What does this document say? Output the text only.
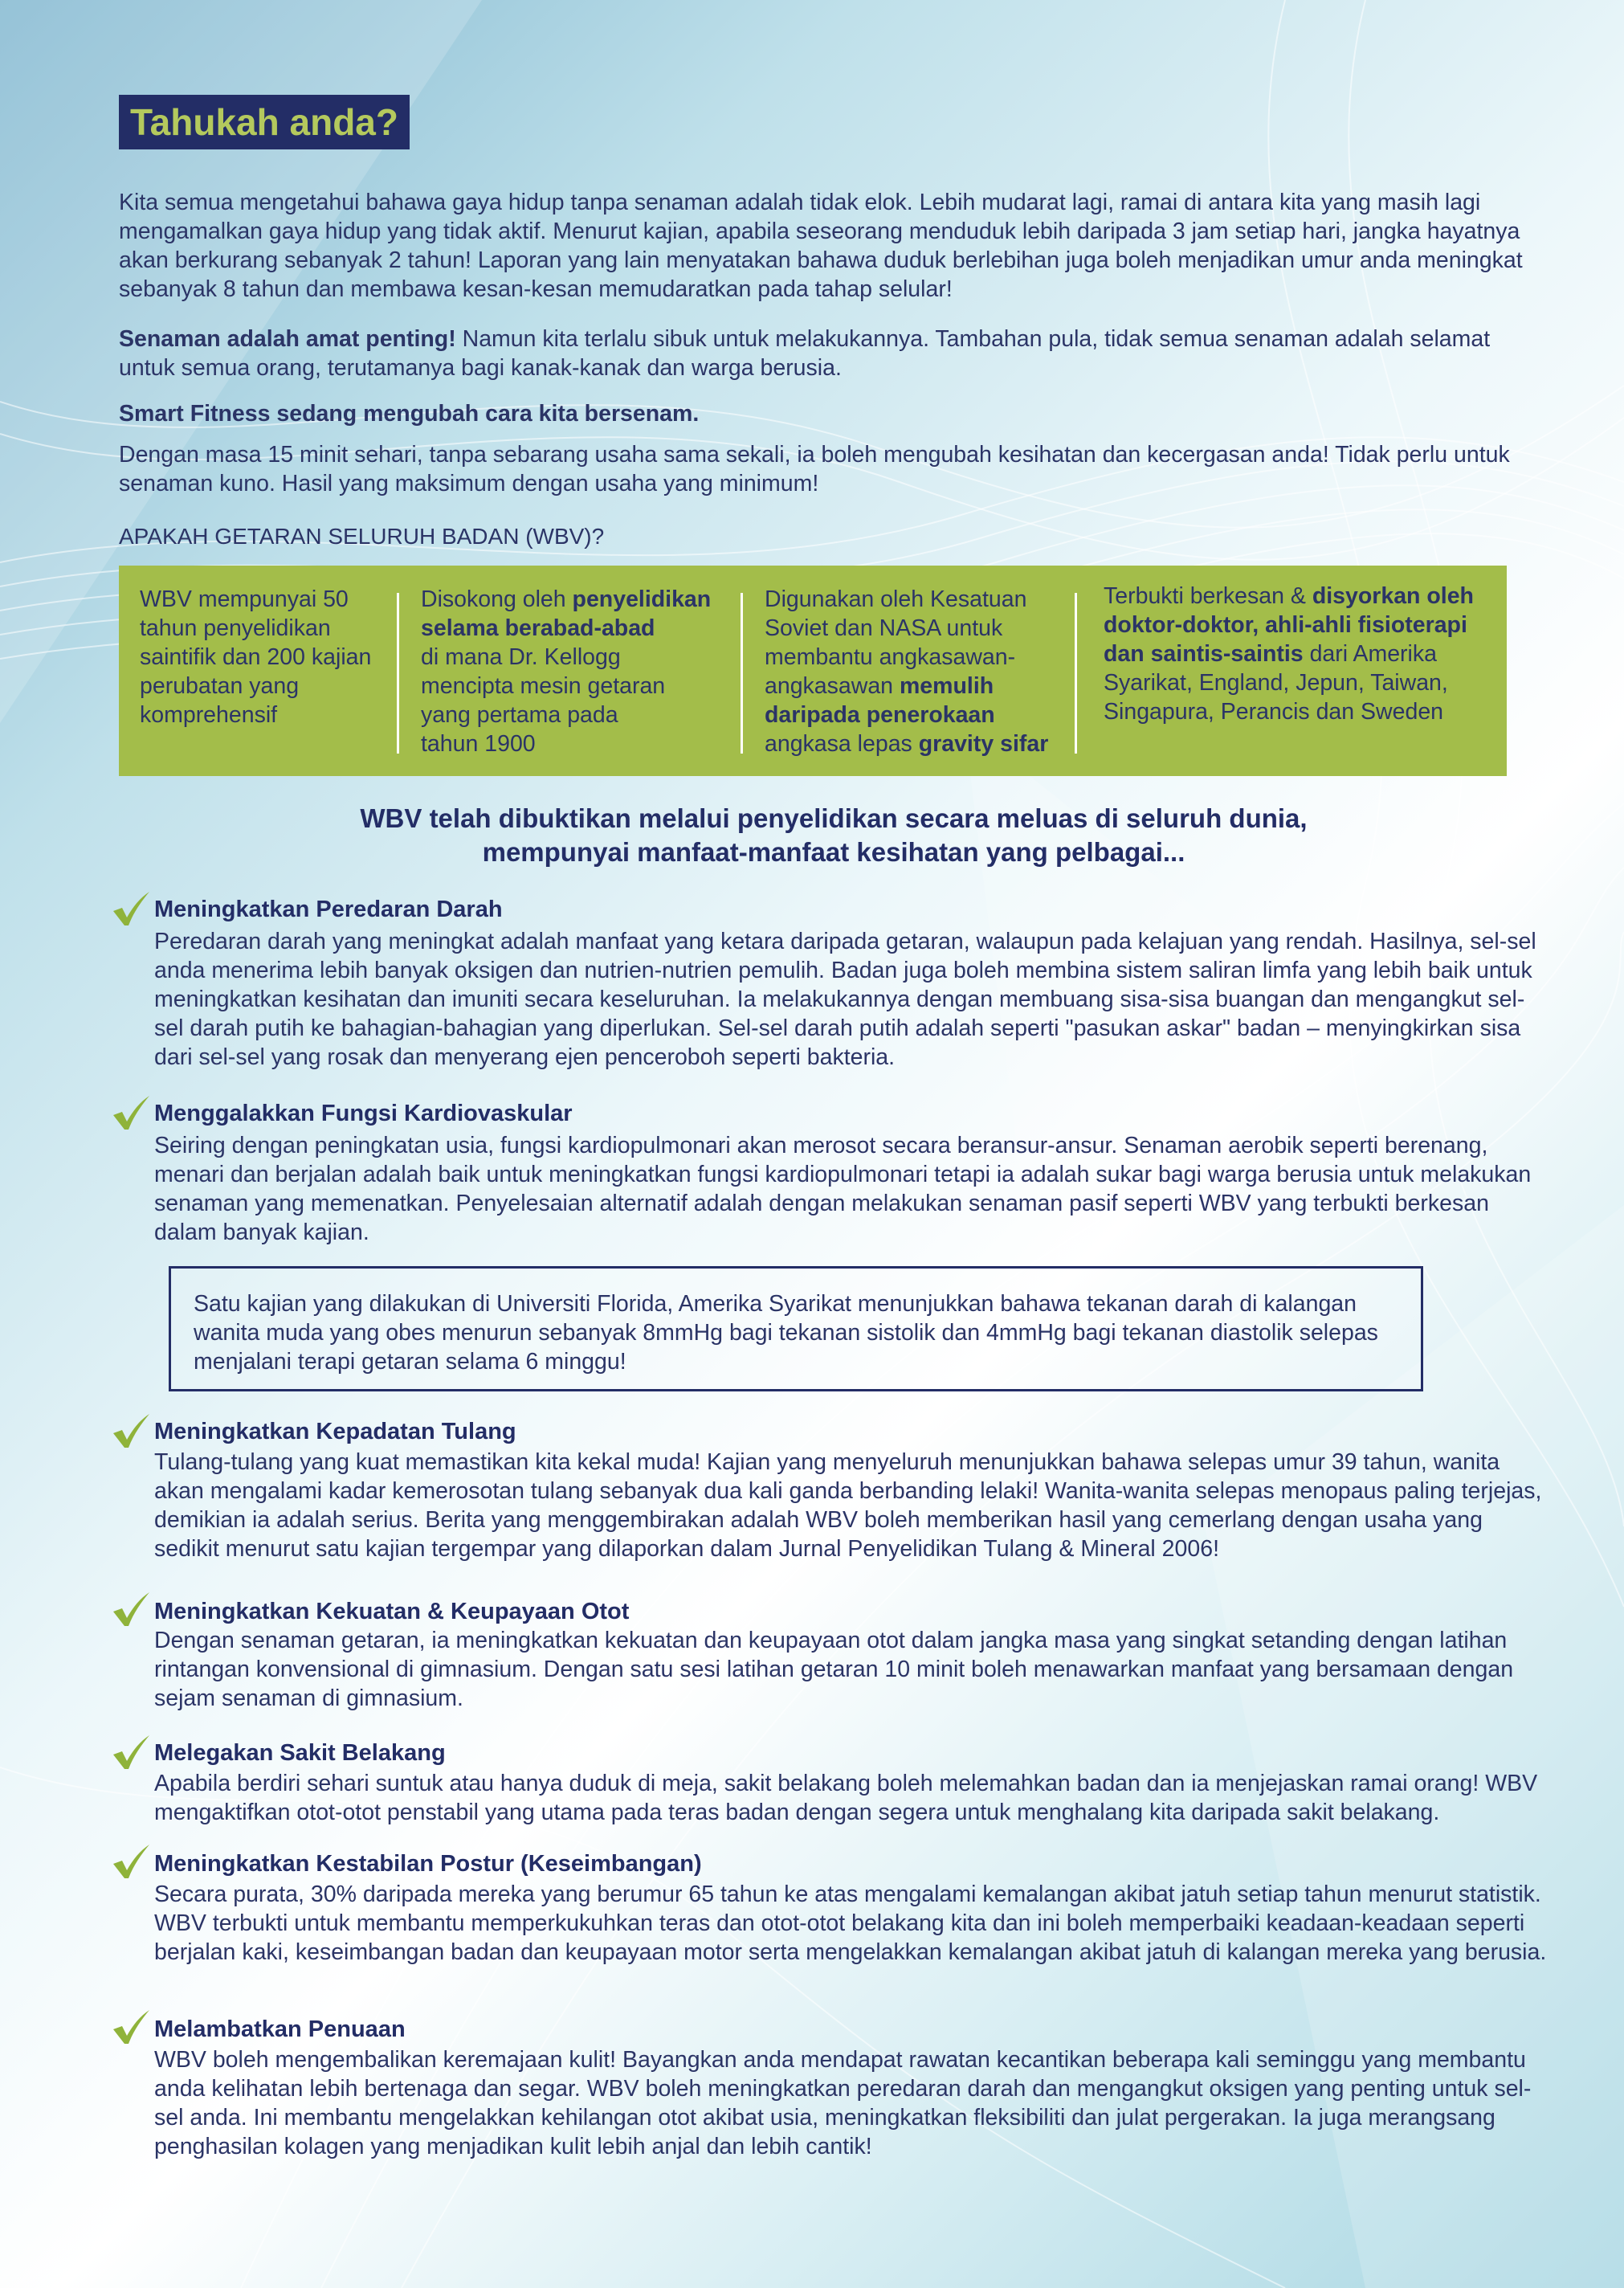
Tahukah anda?

Kita semua mengetahui bahawa gaya hidup tanpa senaman adalah tidak elok. Lebih mudarat lagi, ramai di antara kita yang masih lagi mengamalkan gaya hidup yang tidak aktif. Menurut kajian, apabila seseorang menduduk lebih daripada 3 jam setiap hari, jangka hayatnya akan berkurang sebanyak 2 tahun! Laporan yang lain menyatakan bahawa duduk berlebihan juga boleh menjadikan umur anda meningkat sebanyak 8 tahun dan membawa kesan-kesan memudaratkan pada tahap selular!

Senaman adalah amat penting! Namun kita terlalu sibuk untuk melakukannya. Tambahan pula, tidak semua senaman adalah selamat untuk semua orang, terutamanya bagi kanak-kanak dan warga berusia.

Smart Fitness sedang mengubah cara kita bersenam.

Dengan masa 15 minit sehari, tanpa sebarang usaha sama sekali, ia boleh mengubah kesihatan dan kecergasan anda! Tidak perlu untuk senaman kuno. Hasil yang maksimum dengan usaha yang minimum!

APAKAH GETARAN SELURUH BADAN (WBV)?

WBV mempunyai 50
tahun penyelidikan
saintifik dan 200 kajian
perubatan yang
komprehensif
Disokong oleh penyelidikan
selama berabad-abad
di mana Dr. Kellogg
mencipta mesin getaran
yang pertama pada
tahun 1900
Digunakan oleh Kesatuan
Soviet dan NASA untuk
membantu angkasawan-
angkasawan memulih
daripada penerokaan
angkasa lepas gravity sifar
Terbukti berkesan & disyorkan oleh
doktor-doktor, ahli-ahli fisioterapi
dan saintis-saintis dari Amerika
Syarikat, England, Jepun, Taiwan,
Singapura, Perancis dan Sweden
WBV telah dibuktikan melalui penyelidikan secara meluas di seluruh dunia,
mempunyai manfaat-manfaat kesihatan yang pelbagai...
Meningkatkan Peredaran Darah

Peredaran darah yang meningkat adalah manfaat yang ketara daripada getaran, walaupun pada kelajuan yang rendah. Hasilnya, sel-sel anda menerima lebih banyak oksigen dan nutrien-nutrien pemulih. Badan juga boleh membina sistem saliran limfa yang lebih baik untuk meningkatkan kesihatan dan imuniti secara keseluruhan. Ia melakukannya dengan membuang sisa-sisa buangan dan mengangkut sel-sel darah putih ke bahagian-bahagian yang diperlukan. Sel-sel darah putih adalah seperti "pasukan askar" badan – menyingkirkan sisa dari sel-sel yang rosak dan menyerang ejen penceroboh seperti bakteria.

Menggalakkan Fungsi Kardiovaskular

Seiring dengan peningkatan usia, fungsi kardiopulmonari akan merosot secara beransur-ansur. Senaman aerobik seperti berenang, menari dan berjalan adalah baik untuk meningkatkan fungsi kardiopulmonari tetapi ia adalah sukar bagi warga berusia untuk melakukan senaman yang memenatkan. Penyelesaian alternatif adalah dengan melakukan senaman pasif seperti WBV yang terbukti berkesan dalam banyak kajian.

Satu kajian yang dilakukan di Universiti Florida, Amerika Syarikat menunjukkan bahawa tekanan darah di kalangan wanita muda yang obes menurun sebanyak 8mmHg bagi tekanan sistolik dan 4mmHg bagi tekanan diastolik selepas menjalani terapi getaran selama 6 minggu!
Meningkatkan Kepadatan Tulang

Tulang-tulang yang kuat memastikan kita kekal muda! Kajian yang menyeluruh menunjukkan bahawa selepas umur 39 tahun, wanita akan mengalami kadar kemerosotan tulang sebanyak dua kali ganda berbanding lelaki! Wanita-wanita selepas menopaus paling terjejas, demikian ia adalah serius. Berita yang menggembirakan adalah WBV boleh memberikan hasil yang cemerlang dengan usaha yang sedikit menurut satu kajian tergempar yang dilaporkan dalam Jurnal Penyelidikan Tulang & Mineral 2006!

Meningkatkan Kekuatan & Keupayaan Otot

Dengan senaman getaran, ia meningkatkan kekuatan dan keupayaan otot dalam jangka masa yang singkat setanding dengan latihan rintangan konvensional di gimnasium. Dengan satu sesi latihan getaran 10 minit boleh menawarkan manfaat yang bersamaan dengan sejam senaman di gimnasium.

Melegakan Sakit Belakang

Apabila berdiri sehari suntuk atau hanya duduk di meja, sakit belakang boleh melemahkan badan dan ia menjejaskan ramai orang! WBV mengaktifkan otot-otot penstabil yang utama pada teras badan dengan segera untuk menghalang kita daripada sakit belakang.

Meningkatkan Kestabilan Postur (Keseimbangan)

Secara purata, 30% daripada mereka yang berumur 65 tahun ke atas mengalami kemalangan akibat jatuh setiap tahun menurut statistik. WBV terbukti untuk membantu memperkukuhkan teras dan otot-otot belakang kita dan ini boleh memperbaiki keadaan-keadaan seperti berjalan kaki, keseimbangan badan dan keupayaan motor serta mengelakkan kemalangan akibat jatuh di kalangan mereka yang berusia.

Melambatkan Penuaan

WBV boleh mengembalikan keremajaan kulit! Bayangkan anda mendapat rawatan kecantikan beberapa kali seminggu yang membantu anda kelihatan lebih bertenaga dan segar. WBV boleh meningkatkan peredaran darah dan mengangkut oksigen yang penting untuk sel-sel anda. Ini membantu mengelakkan kehilangan otot akibat usia, meningkatkan fleksibiliti dan julat pergerakan. Ia juga merangsang penghasilan kolagen yang menjadikan kulit lebih anjal dan lebih cantik!
